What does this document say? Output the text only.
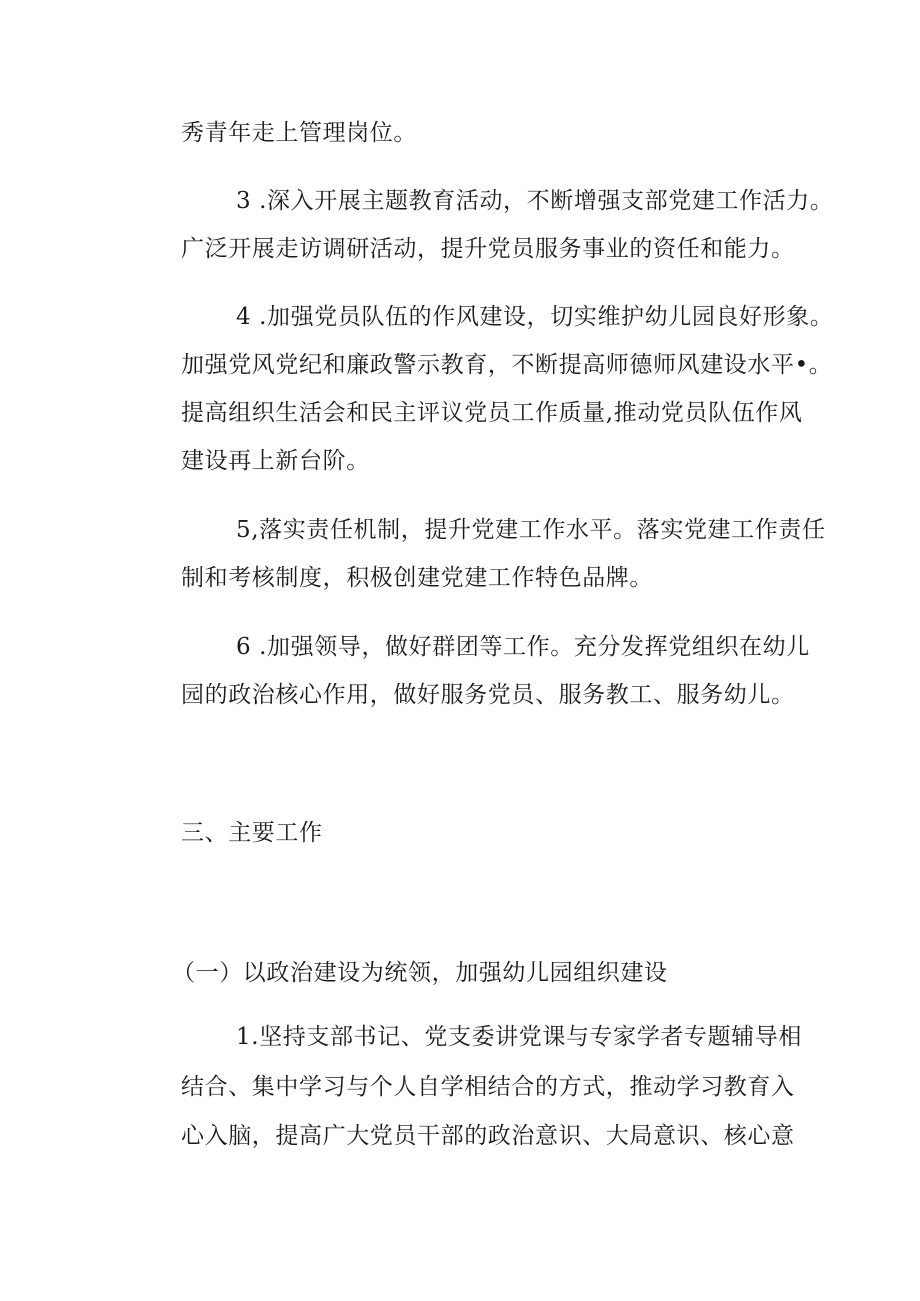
秀青年走上管理岗位。

3 .深入开展主题教育活动，不断增强支部党建工作活力。

广泛开展走访调研活动，提升党员服务事业的资任和能力。

4 .加强党员队伍的作风建设，切实维护幼儿园良好形象。

加强党风党纪和廉政警示教育，不断提高师德师风建设水平•。

提高组织生活会和民主评议党员工作质量,推动党员队伍作风

建设再上新台阶。

5,落实责任机制，提升党建工作水平。落实党建工作责任

制和考核制度，积极创建党建工作特色品牌。

6 .加强领导，做好群团等工作。充分发挥党组织在幼儿

园的政治核心作用，做好服务党员、服务教工、服务幼儿。

三、主要工作

（一）以政治建设为统领，加强幼儿园组织建设

1.坚持支部书记、党支委讲党课与专家学者专题辅导相

结合、集中学习与个人自学相结合的方式，推动学习教育入

心入脑，提高广大党员干部的政治意识、大局意识、核心意
